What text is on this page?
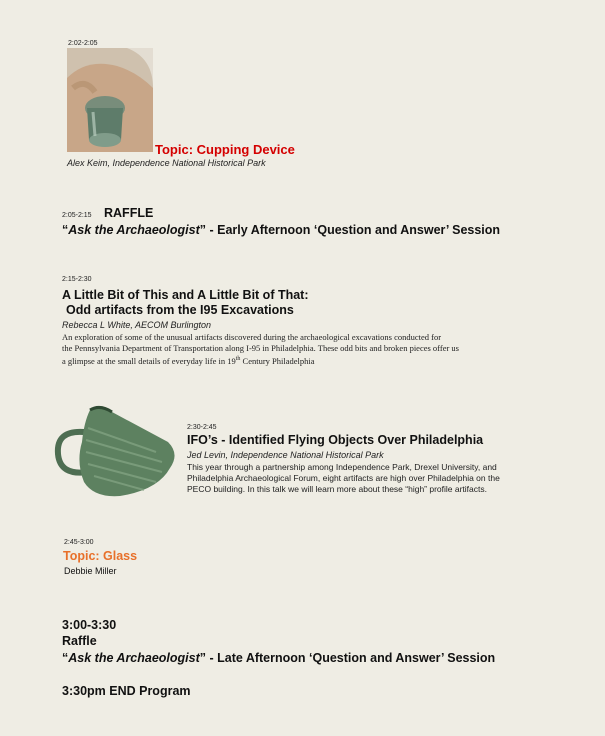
2:02-2:05
Topic: Cupping Device
Alex Keim, Independence National Historical Park
2:05-2:15 RAFFLE
“Ask the Archaeologist” - Early Afternoon ‘Question and Answer’ Session
2:15-2:30
A Little Bit of This and A Little Bit of That:
Odd artifacts from the I95 Excavations
Rebecca L White, AECOM Burlington
An exploration of some of the unusual artifacts discovered during the archaeological excavations conducted for
the Pennsylvania Department of Transportation along I-95 in Philadelphia. These odd bits and broken pieces offer us
a glimpse at the small details of everyday life in 19th Century Philadelphia
2:30-2:45
IFO’s - Identified Flying Objects Over Philadelphia
Jed Levin, Independence National Historical Park
This year through a partnership among Independence Park, Drexel University, and
Philadelphia Archaeological Forum, eight artifacts are high over Philadelphia on the
PECO building. In this talk we will learn more about these “high” profile artifacts.
2:45-3:00
Topic: Glass
Debbie Miller
3:00-3:30
Raffle
“Ask the Archaeologist” - Late Afternoon ‘Question and Answer’ Session
3:30pm END Program
